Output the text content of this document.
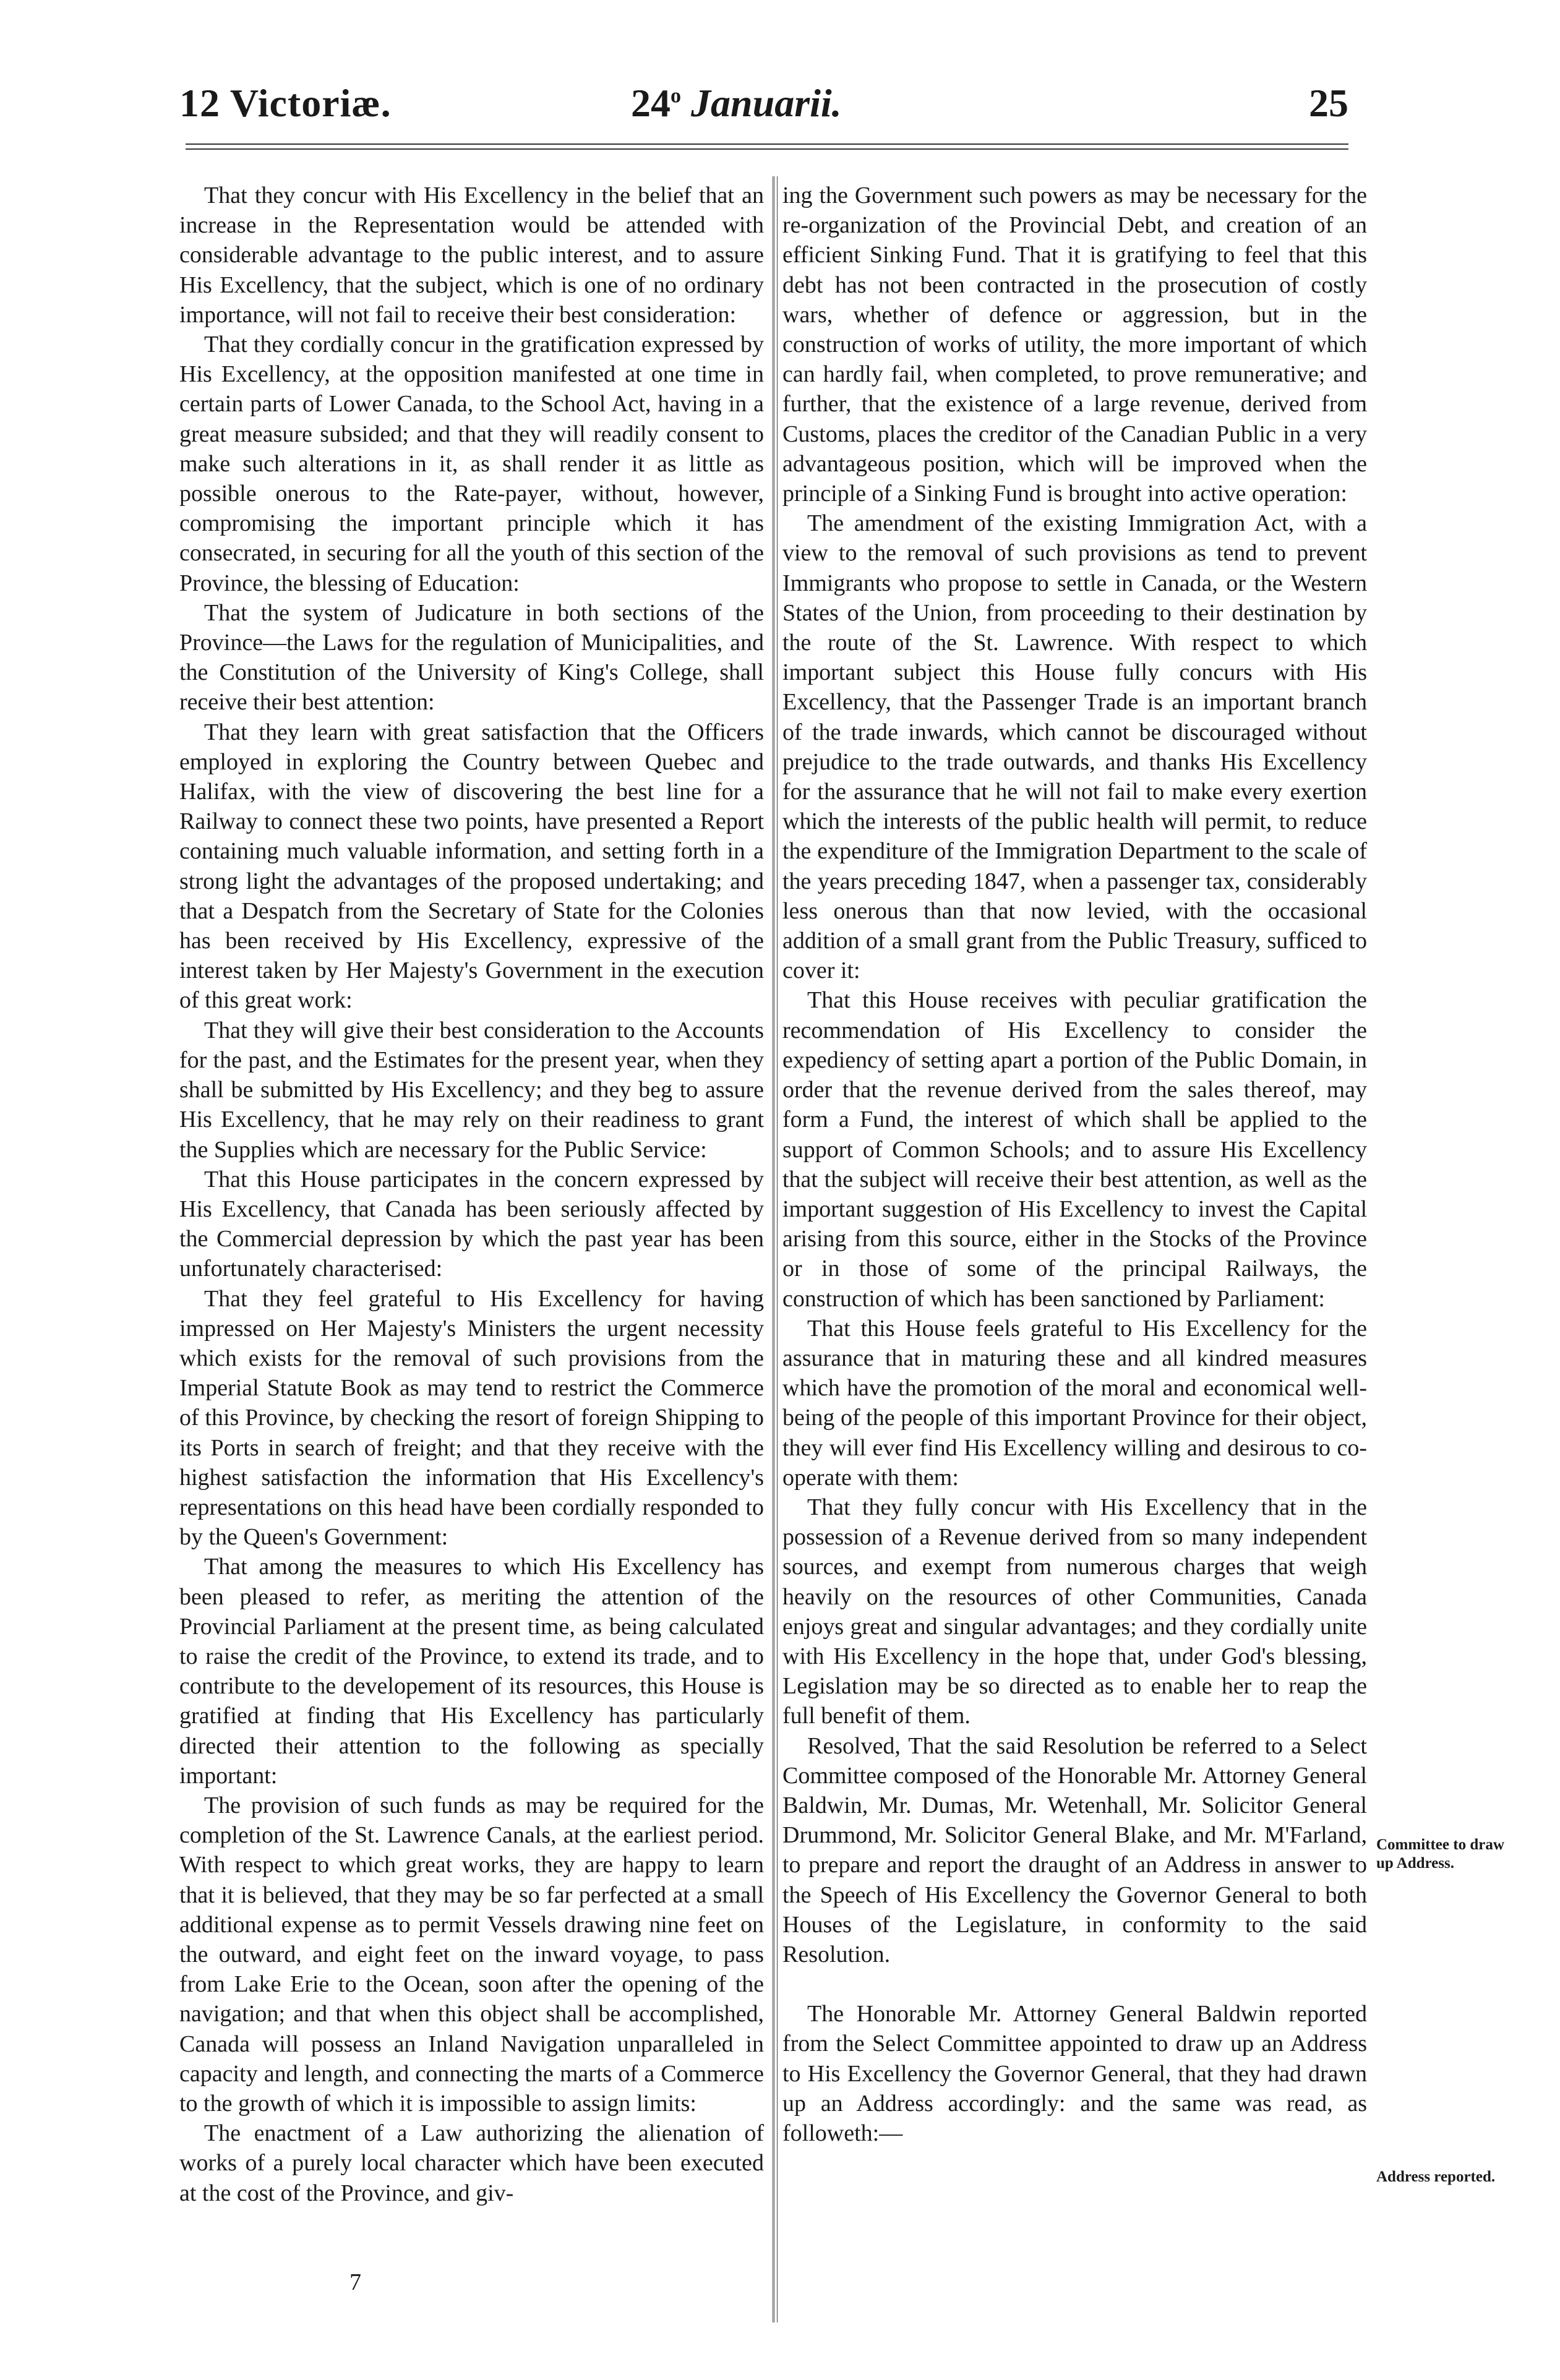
12 Victoriæ.	24$^o$ Januarii.	25

That they concur with His Excellency in the belief that an increase in the Representation would be attended with considerable advantage to the public interest, and to assure His Excellency, that the subject, which is one of no ordinary importance, will not fail to receive their best consideration:

That they cordially concur in the gratification expressed by His Excellency, at the opposition manifested at one time in certain parts of Lower Canada, to the School Act, having in a great measure subsided; and that they will readily consent to make such alterations in it, as shall render it as little as possible onerous to the Rate-payer, without, however, compromising the important principle which it has consecrated, in securing for all the youth of this section of the Province, the blessing of Education:

That the system of Judicature in both sections of the Province—the Laws for the regulation of Municipalities, and the Constitution of the University of King's College, shall receive their best attention:

That they learn with great satisfaction that the Officers employed in exploring the Country between Quebec and Halifax, with the view of discovering the best line for a Railway to connect these two points, have presented a Report containing much valuable information, and setting forth in a strong light the advantages of the proposed undertaking; and that a Despatch from the Secretary of State for the Colonies has been received by His Excellency, expressive of the interest taken by Her Majesty's Government in the execution of this great work:

That they will give their best consideration to the Accounts for the past, and the Estimates for the present year, when they shall be submitted by His Excellency; and they beg to assure His Excellency, that he may rely on their readiness to grant the Supplies which are necessary for the Public Service:

That this House participates in the concern expressed by His Excellency, that Canada has been seriously affected by the Commercial depression by which the past year has been unfortunately characterised:

That they feel grateful to His Excellency for having impressed on Her Majesty's Ministers the urgent necessity which exists for the removal of such provisions from the Imperial Statute Book as may tend to restrict the Commerce of this Province, by checking the resort of foreign Shipping to its Ports in search of freight; and that they receive with the highest satisfaction the information that His Excellency's representations on this head have been cordially responded to by the Queen's Government:

That among the measures to which His Excellency has been pleased to refer, as meriting the attention of the Provincial Parliament at the present time, as being calculated to raise the credit of the Province, to extend its trade, and to contribute to the developement of its resources, this House is gratified at finding that His Excellency has particularly directed their attention to the following as specially important:

The provision of such funds as may be required for the completion of the St. Lawrence Canals, at the earliest period. With respect to which great works, they are happy to learn that it is believed, that they may be so far perfected at a small additional expense as to permit Vessels drawing nine feet on the outward, and eight feet on the inward voyage, to pass from Lake Erie to the Ocean, soon after the opening of the navigation; and that when this object shall be accomplished, Canada will possess an Inland Navigation unparalleled in capacity and length, and connecting the marts of a Commerce to the growth of which it is impossible to assign limits:

The enactment of a Law authorizing the alienation of works of a purely local character which have been executed at the cost of the Province, and giv-

7

ing the Government such powers as may be necessary for the re-organization of the Provincial Debt, and creation of an efficient Sinking Fund. That it is gratifying to feel that this debt has not been contracted in the prosecution of costly wars, whether of defence or aggression, but in the construction of works of utility, the more important of which can hardly fail, when completed, to prove remunerative; and further, that the existence of a large revenue, derived from Customs, places the creditor of the Canadian Public in a very advantageous position, which will be improved when the principle of a Sinking Fund is brought into active operation:

The amendment of the existing Immigration Act, with a view to the removal of such provisions as tend to prevent Immigrants who propose to settle in Canada, or the Western States of the Union, from proceeding to their destination by the route of the St. Lawrence. With respect to which important subject this House fully concurs with His Excellency, that the Passenger Trade is an important branch of the trade inwards, which cannot be discouraged without prejudice to the trade outwards, and thanks His Excellency for the assurance that he will not fail to make every exertion which the interests of the public health will permit, to reduce the expenditure of the Immigration Department to the scale of the years preceding 1847, when a passenger tax, considerably less onerous than that now levied, with the occasional addition of a small grant from the Public Treasury, sufficed to cover it:

That this House receives with peculiar gratification the recommendation of His Excellency to consider the expediency of setting apart a portion of the Public Domain, in order that the revenue derived from the sales thereof, may form a Fund, the interest of which shall be applied to the support of Common Schools; and to assure His Excellency that the subject will receive their best attention, as well as the important suggestion of His Excellency to invest the Capital arising from this source, either in the Stocks of the Province or in those of some of the principal Railways, the construction of which has been sanctioned by Parliament:

That this House feels grateful to His Excellency for the assurance that in maturing these and all kindred measures which have the promotion of the moral and economical well-being of the people of this important Province for their object, they will ever find His Excellency willing and desirous to co-operate with them:

That they fully concur with His Excellency that in the possession of a Revenue derived from so many independent sources, and exempt from numerous charges that weigh heavily on the resources of other Communities, Canada enjoys great and singular advantages; and they cordially unite with His Excellency in the hope that, under God's blessing, Legislation may be so directed as to enable her to reap the full benefit of them.

Resolved, That the said Resolution be referred to a Select Committee composed of the Honorable Mr. Attorney General Baldwin, Mr. Dumas, Mr. Wetenhall, Mr. Solicitor General Drummond, Mr. Solicitor General Blake, and Mr. M'Farland, to prepare and report the draught of an Address in answer to the Speech of His Excellency the Governor General to both Houses of the Legislature, in conformity to the said Resolution.

The Honorable Mr. Attorney General Baldwin reported from the Select Committee appointed to draw up an Address to His Excellency the Governor General, that they had drawn up an Address accordingly: and the same was read, as followeth:—

Committee to draw up Address.
Address reported.
